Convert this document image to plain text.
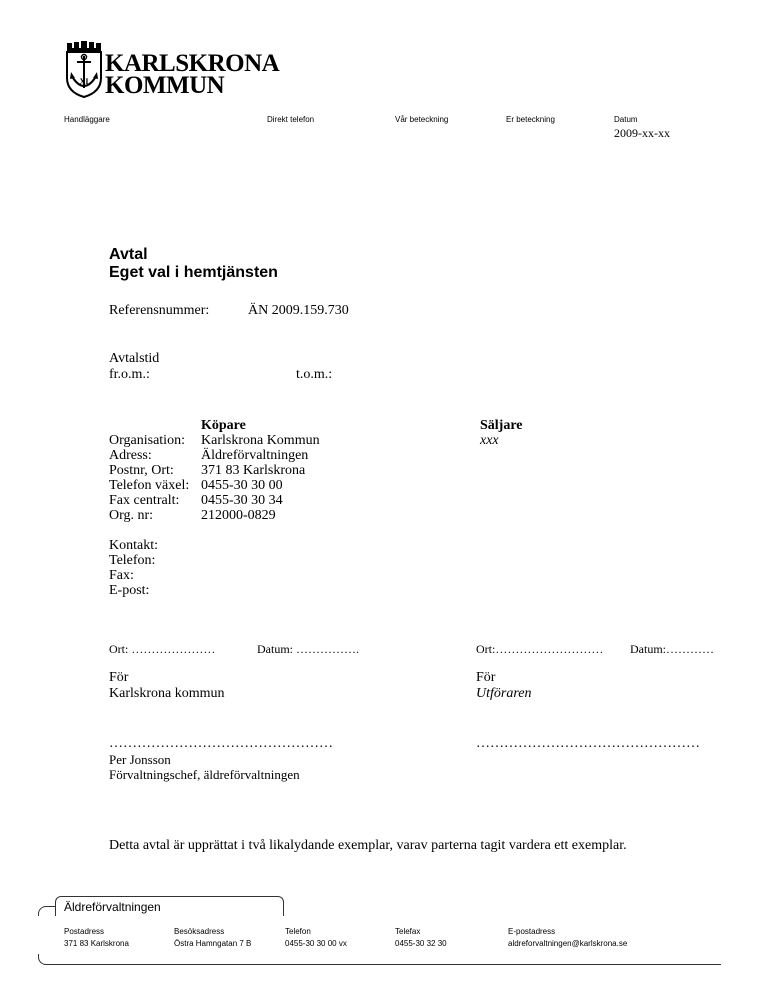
XI
KARLSKRONA
KOMMUN
Handläggare	Direkt telefon	Vår beteckning	Er beteckning	Datum
2009-xx-xx
Avtal
Eget val i hemtjänsten
Referensnummer:	ÄN 2009.159.730
Avtalstid
fr.o.m.:	t.o.m.:
Köpare
Organisation:	Karlskrona Kommun
Adress:	Äldreförvaltningen
Postnr, Ort:	371 83 Karlskrona
Telefon växel: 0455-30 30 00
Fax centralt:	0455-30 30 34
Org. nr:	212000-0829
Säljare
xxx
Kontakt:
Telefon:
Fax:
E-post:
Ort: …………………	Datum: …………….	Ort:……………………… Datum:…………
För
Karlskrona kommun
För
Utföraren
…………………………………………	…………………………………………
Per Jonsson
Förvaltningschef, äldreförvaltningen
Detta avtal är upprättat i två likalydande exemplar, varav parterna tagit vardera ett exemplar.
Äldreförvaltningen
Postadress
371 83 Karlskrona
Besöksadress
Östra Hamngatan 7 B
Telefon
0455-30 30 00 vx
Telefax
0455-30 32 30
E-postadress
aldreforvaltningen@karlskrona.se
